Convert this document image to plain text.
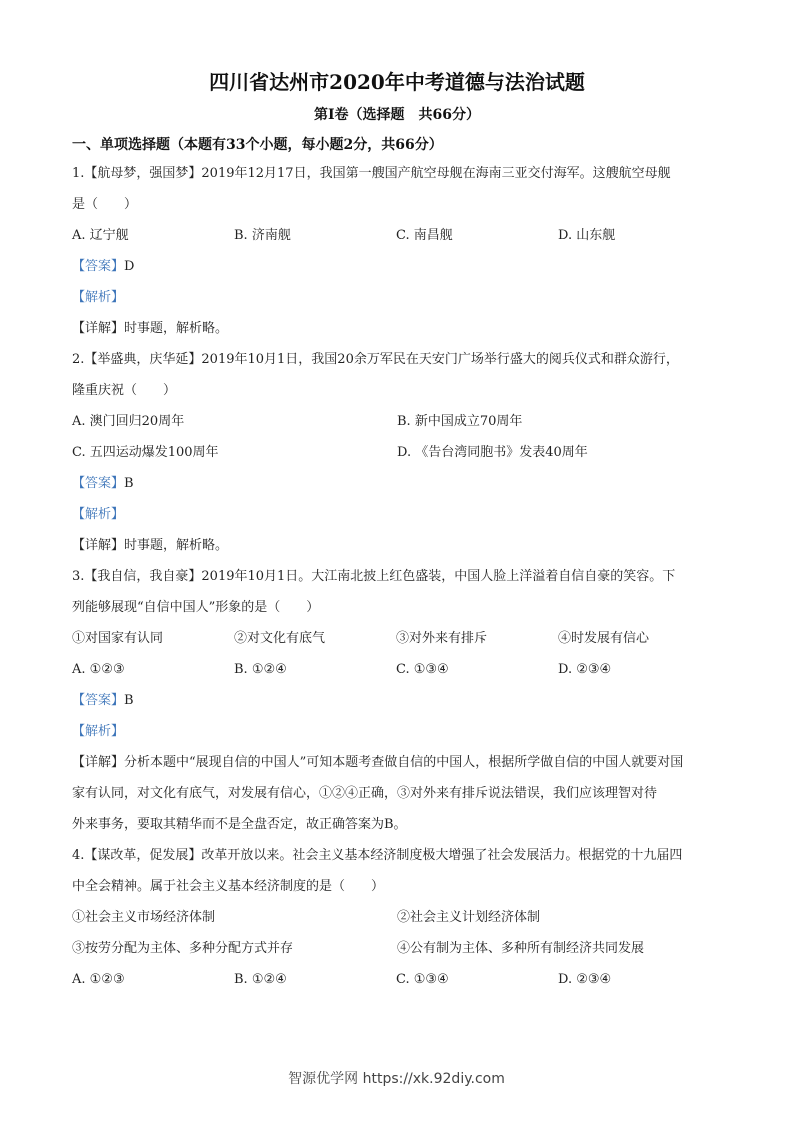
四川省达州市2020年中考道德与法治试题
第I卷（选择题　共66分）
一、单项选择题（本题有33个小题，每小题2分，共66分）
1.【航母梦，强国梦】2019年12月17日，我国第一艘国产航空母舰在海南三亚交付海军。这艘航空母舰
是（　　）
A. 辽宁舰	B. 济南舰	C. 南昌舰	D. 山东舰
【答案】D
【解析】
【详解】时事题，解析略。
2.【举盛典，庆华延】2019年10月1日，我国20余万军民在天安门广场举行盛大的阅兵仪式和群众游行，
隆重庆祝（　　）
A. 澳门回归20周年	B. 新中国成立70周年
C. 五四运动爆发100周年	D. 《告台湾同胞书》发表40周年
【答案】B
【解析】
【详解】时事题，解析略。
3.【我自信，我自豪】2019年10月1日。大江南北披上红色盛装，中国人脸上洋溢着自信自豪的笑容。下
列能够展现“自信中国人”形象的是（　　）
①对国家有认同	②对文化有底气	③对外来有排斥	④时发展有信心
A. ①②③	B. ①②④	C. ①③④	D. ②③④
【答案】B
【解析】
【详解】分析本题中“展现自信的中国人”可知本题考查做自信的中国人，根据所学做自信的中国人就要对国
家有认同，对文化有底气，对发展有信心，①②④正确，③对外来有排斥说法错误，我们应该理智对待
外来事务，要取其精华而不是全盘否定，故正确答案为B。
4.【谋改革，促发展】改革开放以来。社会主义基本经济制度极大增强了社会发展活力。根据党的十九届四
中全会精神。属于社会主义基本经济制度的是（　　）
①社会主义市场经济体制	②社会主义计划经济体制
③按劳分配为主体、多种分配方式并存	④公有制为主体、多种所有制经济共同发展
A. ①②③	B. ①②④	C. ①③④	D. ②③④
智源优学网 https://xk.92diy.com
